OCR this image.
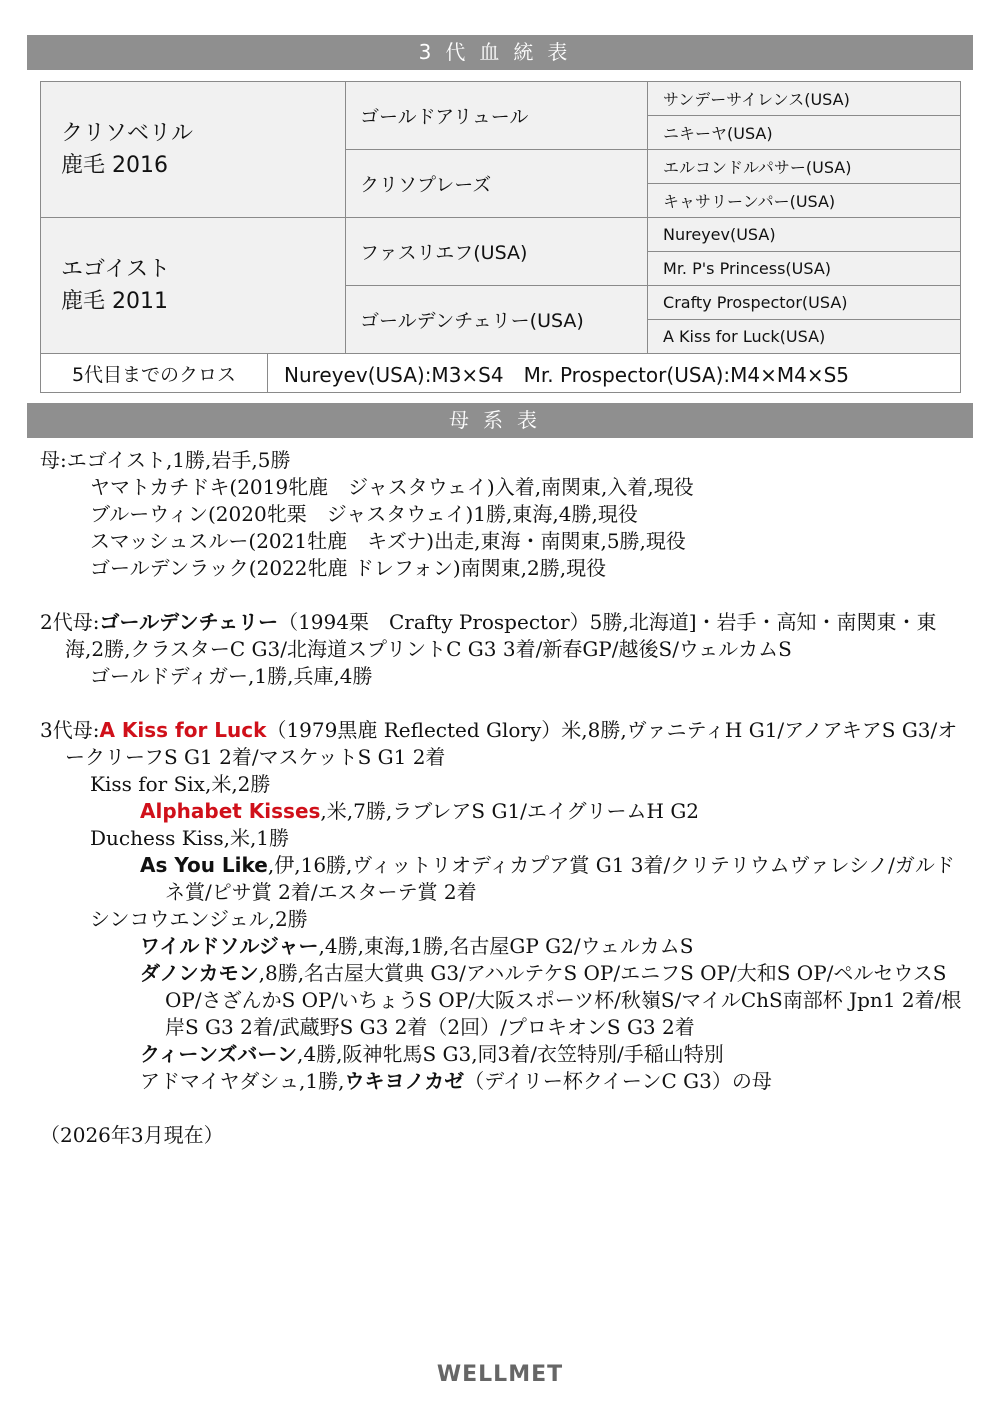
3代血統表
クリソベリル
鹿毛 2016		ゴールドアリュール	サンデーサイレンス(USA)
			ニキーヤ(USA)
		クリソプレーズ	エルコンドルパサー(USA)
			キャサリーンパー(USA)

エゴイスト
鹿毛 2011		ファスリエフ(USA)	Nureyev(USA)
			Mr. P's Princess(USA)
		ゴールデンチェリー(USA)	Crafty Prospector(USA)
			A Kiss for Luck(USA)
5代目までのクロス	Nureyev(USA):M3×S4　Mr. Prospector(USA):M4×M4×S5		
母系表
母:エゴイスト,1勝,岩手,5勝
ヤマトカチドキ(2019牝鹿　ジャスタウェイ)入着,南関東,入着,現役
ブルーウィン(2020牝栗　ジャスタウェイ)1勝,東海,4勝,現役
スマッシュスルー(2021牡鹿　キズナ)出走,東海・南関東,5勝,現役
ゴールデンラック(2022牝鹿 ドレフォン)南関東,2勝,現役
2代母:ゴールデンチェリー（1994栗　Crafty Prospector）5勝,北海道]・岩手・高知・南関東・東海,2勝,クラスターC G3/北海道スプリントC G3 3着/新春GP/越後S/ウェルカムS
ゴールドディガー,1勝,兵庫,4勝
3代母:A Kiss for Luck（1979黒鹿 Reflected Glory）米,8勝,ヴァニティH G1/アノアキアS G3/オークリーフS G1 2着/マスケットS G1 2着
Kiss for Six,米,2勝
Alphabet Kisses,米,7勝,ラブレアS G1/エイグリームH G2
Duchess Kiss,米,1勝
As You Like,伊,16勝,ヴィットリオディカプア賞 G1 3着/クリテリウムヴァレシノ/ガルドネ賞/ピサ賞 2着/エスターテ賞 2着
シンコウエンジェル,2勝
ワイルドソルジャー,4勝,東海,1勝,名古屋GP G2/ウェルカムS
ダノンカモン,8勝,名古屋大賞典 G3/アハルテケS OP/エニフS OP/大和S OP/ペルセウスS OP/さざんかS OP/いちょうS OP/大阪スポーツ杯/秋嶺S/マイルChS南部杯 Jpn1 2着/根岸S G3 2着/武蔵野S G3 2着（2回）/プロキオンS G3 2着
クィーンズバーン,4勝,阪神牝馬S G3,同3着/衣笠特別/手稲山特別
アドマイヤダシュ,1勝,ウキヨノカゼ（デイリー杯クイーンC G3）の母
（2026年3月現在）
WELLMET
